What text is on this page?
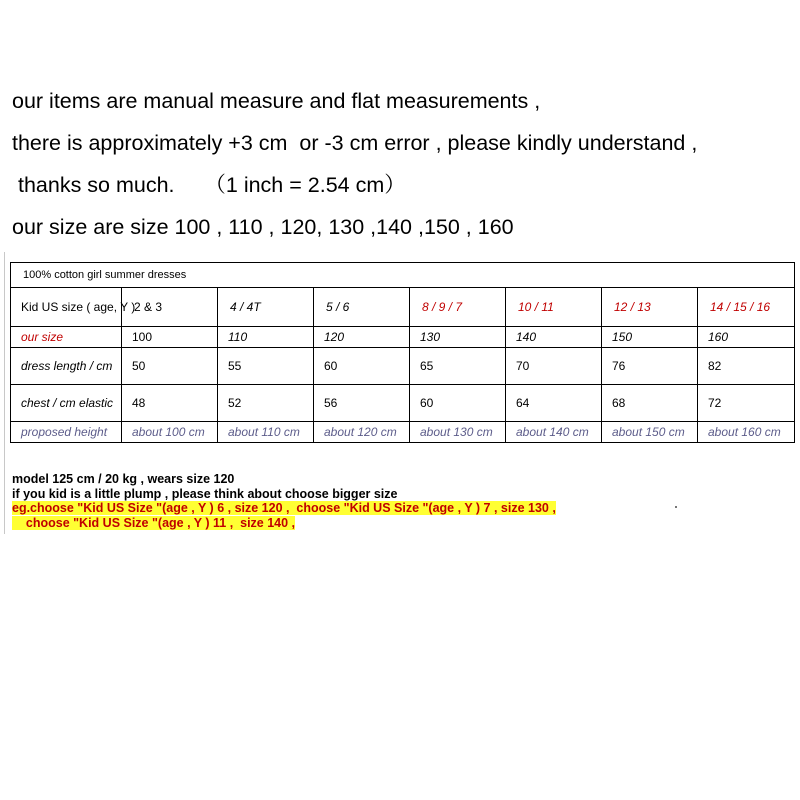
our items are manual measure and flat measurements ,
there is approximately +3 cm  or -3 cm error , please kindly understand ,
thanks so much.     （1 inch = 2.54 cm）
our size are size 100 , 110 , 120, 130 ,140 ,150 , 160
100% cotton girl summer dresses							
Kid US size ( age, Y )	2 & 3	4 / 4T	5 / 6	8 / 9 / 7	10 / 11	12 / 13	14 / 15 / 16
our size	100	110	120	130	140	150	160
dress length / cm	50	55	60	65	70	76	82
chest / cm elastic	48	52	56	60	64	68	72
proposed height	about 100 cm	about 110 cm	about 120 cm	about 130 cm	about 140 cm	about 150 cm	about 160 cm
model 125 cm / 20 kg , wears size 120
if you kid is a little plump , please think about choose bigger size
eg.choose "Kid US Size "(age , Y ) 6 , size 120 ,  choose "Kid US Size "(age , Y ) 7 , size 130 ,
choose "Kid US Size "(age , Y ) 11 ,  size 140 ,
